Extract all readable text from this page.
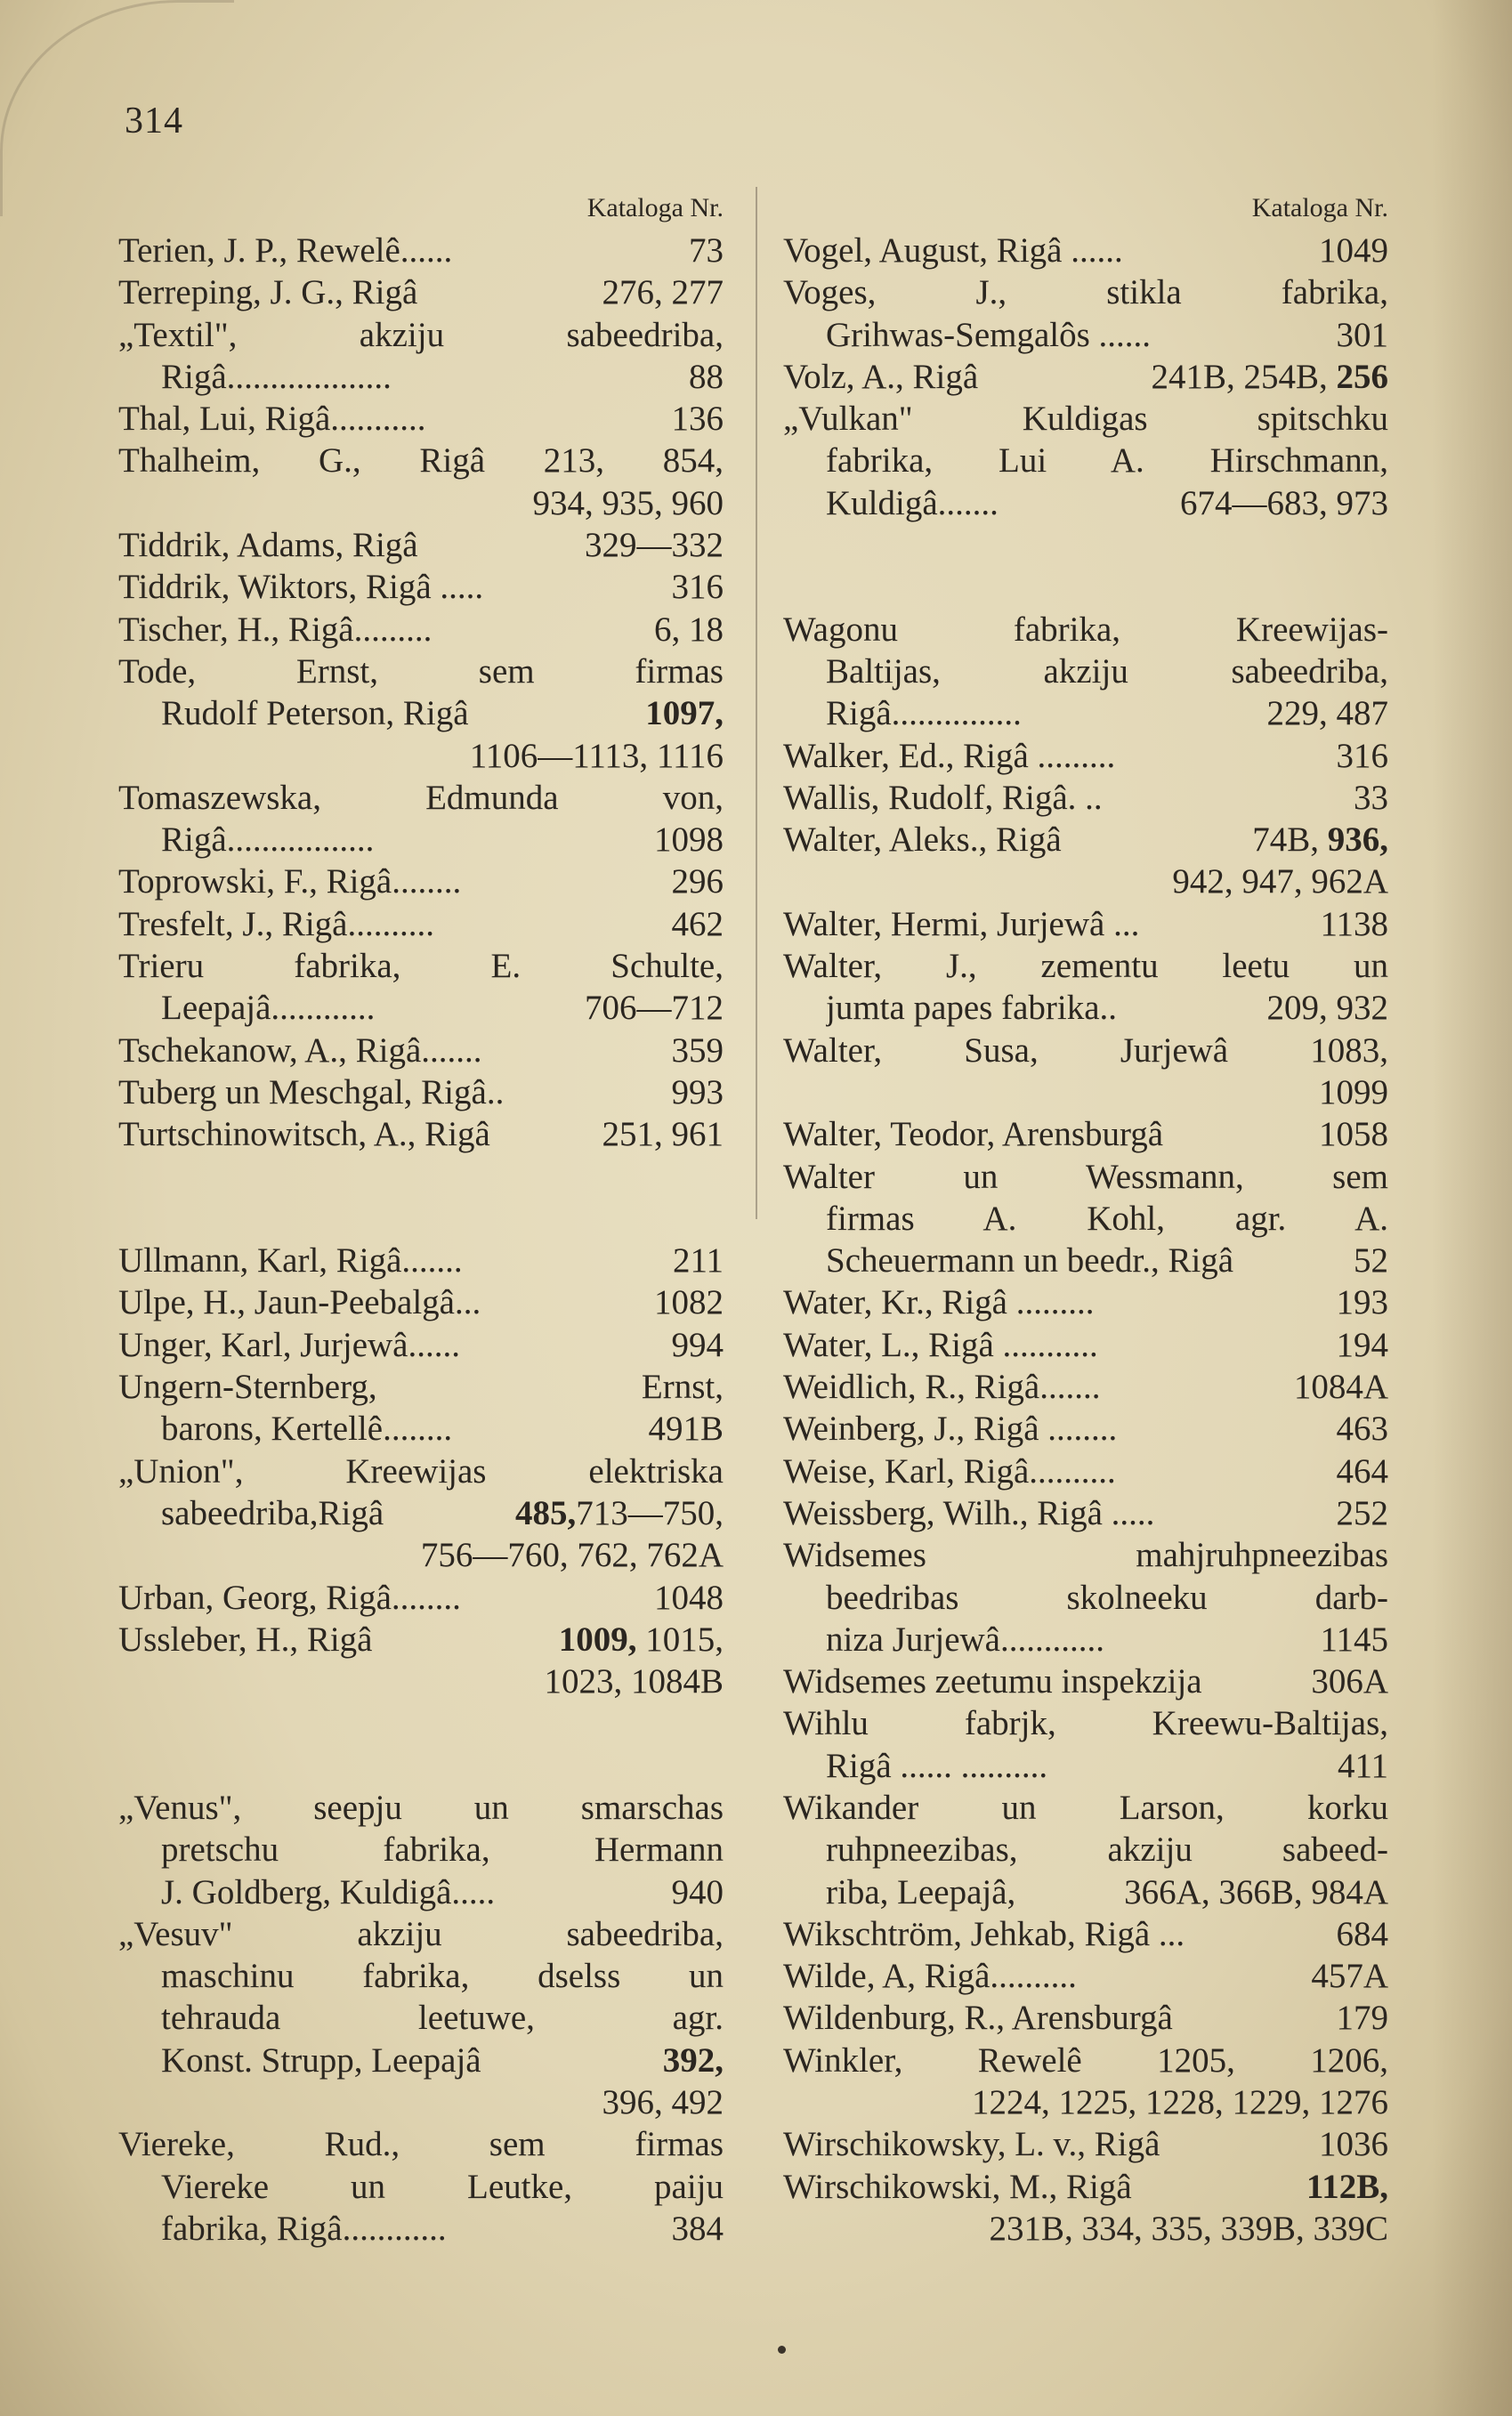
314
Kataloga Nr.
Terien, J. P., Rewelê......	73
Terreping, J. G., Rigâ	276, 277
„Textil", akziju sabeedriba,
Rigâ...................	88
Thal, Lui, Rigâ...........	136
Thalheim, G., Rigâ 213, 854,
934, 935, 960
Tiddrik, Adams, Rigâ	329—332
Tiddrik, Wiktors, Rigâ .....	316
Tischer, H., Rigâ.........	6, 18
Tode, Ernst, sem firmas
Rudolf Peterson, Rigâ	1097,
1106—1113, 1116
Tomaszewska, Edmunda von,
Rigâ.................	1098
Toprowski, F., Rigâ........	296
Tresfelt, J., Rigâ..........	462
Trieru fabrika, E. Schulte,
Leepajâ............	706—712
Tschekanow, A., Rigâ.......	359
Tuberg un Meschgal, Rigâ..	993
Turtschinowitsch, A., Rigâ	251, 961
Ullmann, Karl, Rigâ.......	211
Ulpe, H., Jaun-Peebalgâ...	1082
Unger, Karl, Jurjewâ......	994
Ungern-Sternberg, Ernst,
barons, Kertellê........	491B
„Union", Kreewijas elektriska
sabeedriba,Rigâ	485,713—750,
756—760, 762, 762A
Urban, Georg, Rigâ........	1048
Ussleber, H., Rigâ	1009, 1015,
1023, 1084B
„Venus", seepju un smarschas
pretschu fabrika, Hermann
J. Goldberg, Kuldigâ.....	940
„Vesuv" akziju sabeedriba,
maschinu fabrika, dselss un
tehrauda leetuwe, agr.
Konst. Strupp, Leepajâ	392,
396, 492
Viereke, Rud., sem firmas
Viereke un Leutke, paiju
fabrika, Rigâ............	384
Kataloga Nr.
Vogel, August, Rigâ ......	1049
Voges, J., stikla fabrika,
Grihwas-Semgalôs ......	301
Volz, A., Rigâ	241B, 254B, 256
„Vulkan" Kuldigas spitschku
fabrika, Lui A. Hirschmann,
Kuldigâ.......	674—683, 973
Wagonu fabrika, Kreewijas-
Baltijas, akziju sabeedriba,
Rigâ...............	229, 487
Walker, Ed., Rigâ .........	316
Wallis, Rudolf, Rigâ. ..	33
Walter, Aleks., Rigâ	74B, 936,
942, 947, 962A
Walter, Hermi, Jurjewâ ...	1138
Walter, J., zementu leetu un
jumta papes fabrika..	209, 932
Walter, Susa, Jurjewâ 1083,
1099
Walter, Teodor, Arensburgâ	1058
Walter un Wessmann, sem
firmas A. Kohl, agr. A.
Scheuermann un beedr., Rigâ	52
Water, Kr., Rigâ .........	193
Water, L., Rigâ ...........	194
Weidlich, R., Rigâ.......	1084A
Weinberg, J., Rigâ ........	463
Weise, Karl, Rigâ..........	464
Weissberg, Wilh., Rigâ .....	252
Widsemes mahjruhpneezibas
beedribas skolneeku darb-
niza Jurjewâ............	1145
Widsemes zeetumu inspekzija	306A
Wihlu fabrjk, Kreewu-Baltijas,
Rigâ ...... ..........	411
Wikander un Larson, korku
ruhpneezibas, akziju sabeed-
riba, Leepajâ,	366A, 366B, 984A
Wikschtröm, Jehkab, Rigâ ...	684
Wilde, A, Rigâ..........	457A
Wildenburg, R., Arensburgâ	179
Winkler, Rewelê 1205, 1206,
1224, 1225, 1228, 1229, 1276
Wirschikowsky, L. v., Rigâ	1036
Wirschikowski, M., Rigâ	112B,
231B, 334, 335, 339B, 339C
